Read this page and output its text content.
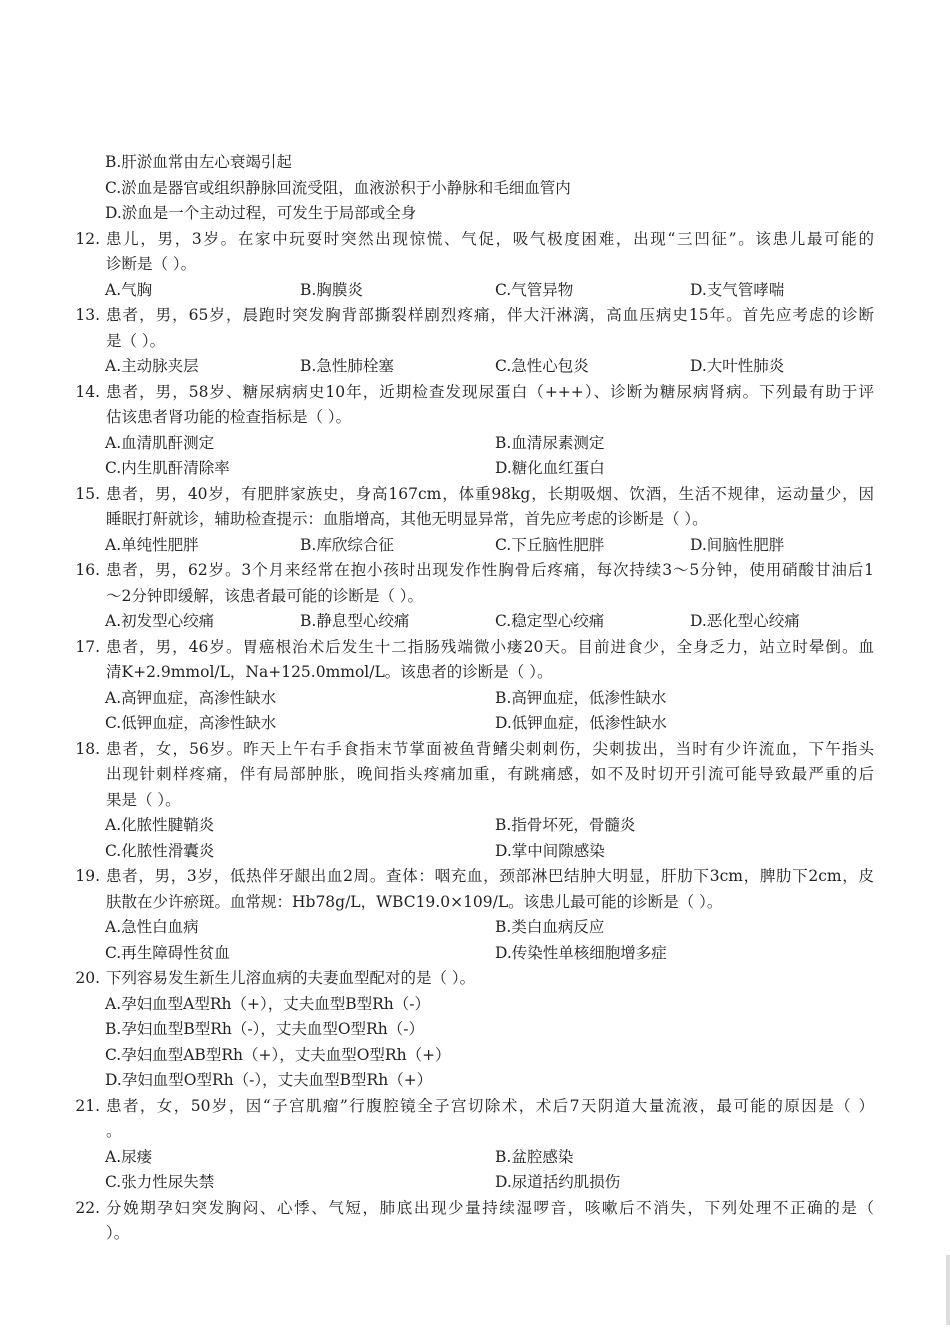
B.肝淤血常由左心衰竭引起
C.淤血是器官或组织静脉回流受阻，血液淤积于小静脉和毛细血管内
D.淤血是一个主动过程，可发生于局部或全身
12. 患儿，男，3岁。在家中玩耍时突然出现惊慌、气促，吸气极度困难，出现“三凹征”。该患儿最可能的
诊断是（ ）。
A.气胸	B.胸膜炎	C.气管异物	D.支气管哮喘
13. 患者，男，65岁，晨跑时突发胸背部撕裂样剧烈疼痛，伴大汗淋漓，高血压病史15年。首先应考虑的诊断
是（ ）。
A.主动脉夹层	B.急性肺栓塞	C.急性心包炎	D.大叶性肺炎
14. 患者，男，58岁、糖尿病病史10年，近期检查发现尿蛋白（+++）、诊断为糖尿病肾病。下列最有助于评
估该患者肾功能的检查指标是（ ）。
A.血清肌酐测定	B.血清尿素测定
C.内生肌酐清除率	D.糖化血红蛋白
15. 患者，男，40岁，有肥胖家族史，身高167cm，体重98kg，长期吸烟、饮酒，生活不规律，运动量少，因
睡眠打鼾就诊，辅助检查提示：血脂增高，其他无明显异常，首先应考虑的诊断是（ ）。
A.单纯性肥胖	B.库欣综合征	C.下丘脑性肥胖	D.间脑性肥胖
16. 患者，男，62岁。3个月来经常在抱小孩时出现发作性胸骨后疼痛，每次持续3～5分钟，使用硝酸甘油后1
～2分钟即缓解，该患者最可能的诊断是（ ）。
A.初发型心绞痛	B.静息型心绞痛	C.稳定型心绞痛	D.恶化型心绞痛
17. 患者，男，46岁。胃癌根治术后发生十二指肠残端微小瘘20天。目前进食少，全身乏力，站立时晕倒。血
清K+2.9mmol/L，Na+125.0mmol/L。该患者的诊断是（ ）。
A.高钾血症，高渗性缺水	B.高钾血症，低渗性缺水
C.低钾血症，高渗性缺水	D.低钾血症，低渗性缺水
18. 患者，女，56岁。昨天上午右手食指末节掌面被鱼背鳍尖刺刺伤，尖刺拔出，当时有少许流血，下午指头
出现针刺样疼痛，伴有局部肿胀，晚间指头疼痛加重，有跳痛感，如不及时切开引流可能导致最严重的后
果是（ ）。
A.化脓性腱鞘炎	B.指骨坏死，骨髓炎
C.化脓性滑囊炎	D.掌中间隙感染
19. 患者，男，3岁，低热伴牙龈出血2周。查体：咽充血，颈部淋巴结肿大明显，肝肋下3cm，脾肋下2cm，皮
肤散在少许瘀斑。血常规：Hb78g/L，WBC19.0×109/L。该患儿最可能的诊断是（ ）。
A.急性白血病	B.类白血病反应
C.再生障碍性贫血	D.传染性单核细胞增多症
20. 下列容易发生新生儿溶血病的夫妻血型配对的是（ ）。
A.孕妇血型A型Rh（+），丈夫血型B型Rh（-）
B.孕妇血型B型Rh（-），丈夫血型O型Rh（-）
C.孕妇血型AB型Rh（+），丈夫血型O型Rh（+）
D.孕妇血型O型Rh（-），丈夫血型B型Rh（+）
21. 患者，女，50岁，因“子宫肌瘤”行腹腔镜全子宫切除术，术后7天阴道大量流液，最可能的原因是（ ）
。
A.尿瘘	B.盆腔感染
C.张力性尿失禁	D.尿道括约肌损伤
22. 分娩期孕妇突发胸闷、心悸、气短，肺底出现少量持续湿啰音，咳嗽后不消失，下列处理不正确的是（
）。
